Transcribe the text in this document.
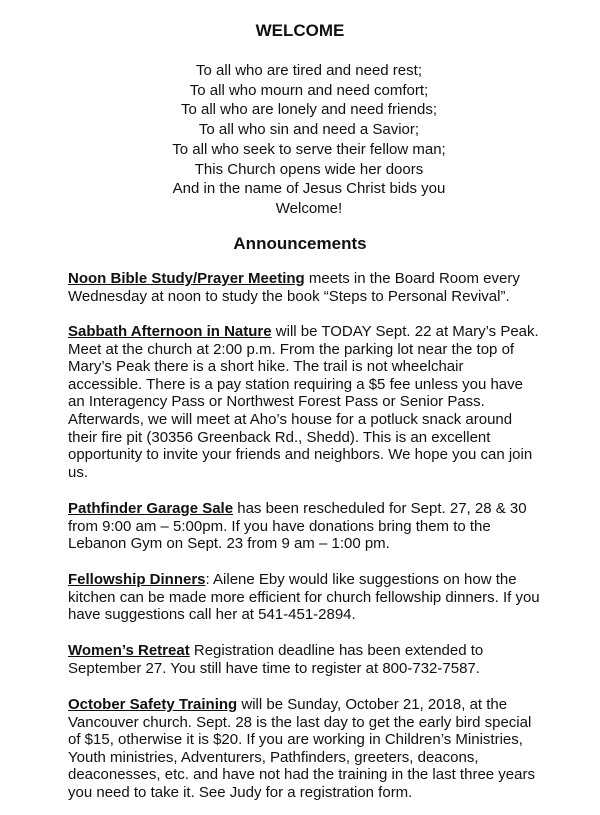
WELCOME
To all who are tired and need rest;
To all who mourn and need comfort;
To all who are lonely and need friends;
To all who sin and need a Savior;
To all who seek to serve their fellow man;
This Church opens wide her doors
And in the name of Jesus Christ bids you
Welcome!
Announcements

Noon Bible Study/Prayer Meeting meets in the Board Room every
Wednesday at noon to study the book “Steps to Personal Revival”.

Sabbath Afternoon in Nature will be TODAY Sept. 22 at Mary’s Peak.
Meet at the church at 2:00 p.m. From the parking lot near the top of
Mary’s Peak there is a short hike. The trail is not wheelchair
accessible. There is a pay station requiring a $5 fee unless you have
an Interagency Pass or Northwest Forest Pass or Senior Pass.
Afterwards, we will meet at Aho’s house for a potluck snack around
their fire pit (30356 Greenback Rd., Shedd). This is an excellent
opportunity to invite your friends and neighbors. We hope you can join
us.

Pathfinder Garage Sale has been rescheduled for Sept. 27, 28 & 30
from 9:00 am – 5:00pm. If you have donations bring them to the
Lebanon Gym on Sept. 23 from 9 am – 1:00 pm.

Fellowship Dinners: Ailene Eby would like suggestions on how the
kitchen can be made more efficient for church fellowship dinners. If you
have suggestions call her at 541-451-2894.

Women’s Retreat Registration deadline has been extended to
September 27. You still have time to register at 800-732-7587.

October Safety Training will be Sunday, October 21, 2018, at the
Vancouver church. Sept. 28 is the last day to get the early bird special
of $15, otherwise it is $20. If you are working in Children’s Ministries,
Youth ministries, Adventurers, Pathfinders, greeters, deacons,
deaconesses, etc. and have not had the training in the last three years
you need to take it. See Judy for a registration form.
